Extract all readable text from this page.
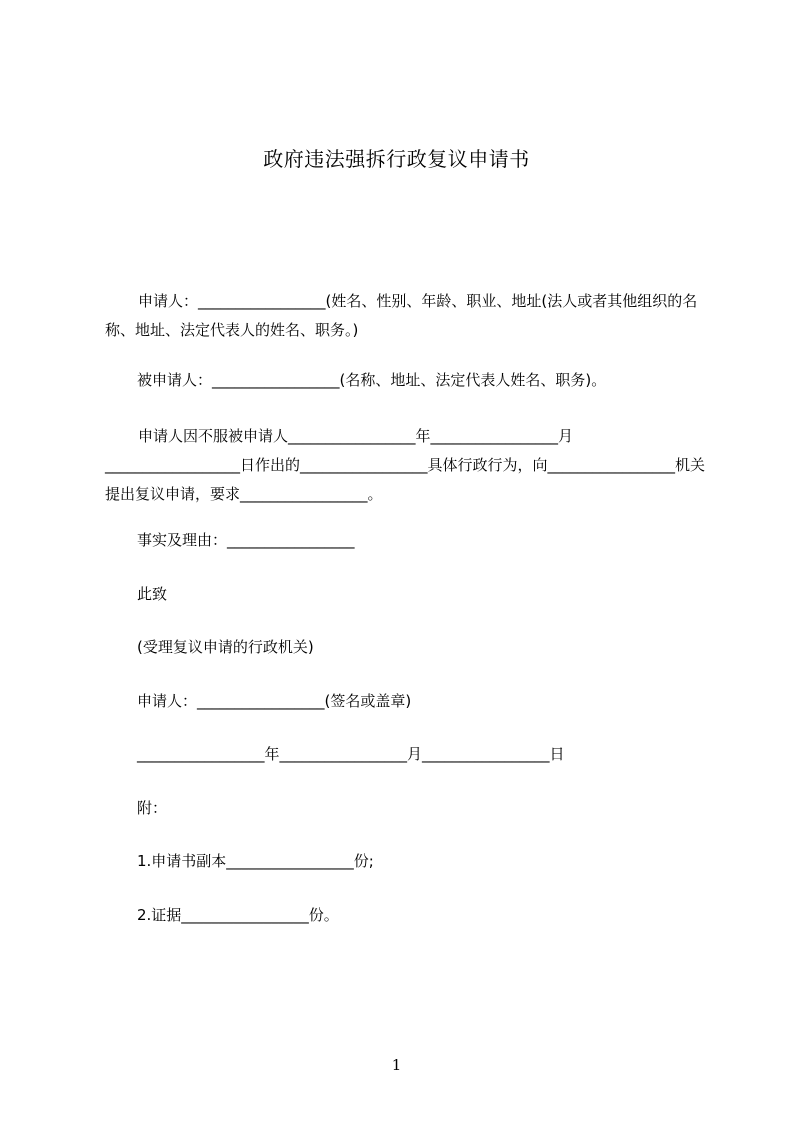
政府违法强拆行政复议申请书
申请人：_________________(姓名、性别、年龄、职业、地址(法人或者其他组织的名称、地址、法定代表人的姓名、职务。)
被申请人：_________________(名称、地址、法定代表人姓名、职务)。
申请人因不服被申请人_________________年_________________月__________________日作出的_________________具体行政行为，向_________________机关提出复议申请，要求_________________。
事实及理由：_________________
此致
(受理复议申请的行政机关)
申请人：_________________(签名或盖章)
_________________年_________________月_________________日
附：
1.申请书副本_________________份;
2.证据_________________份。
1
